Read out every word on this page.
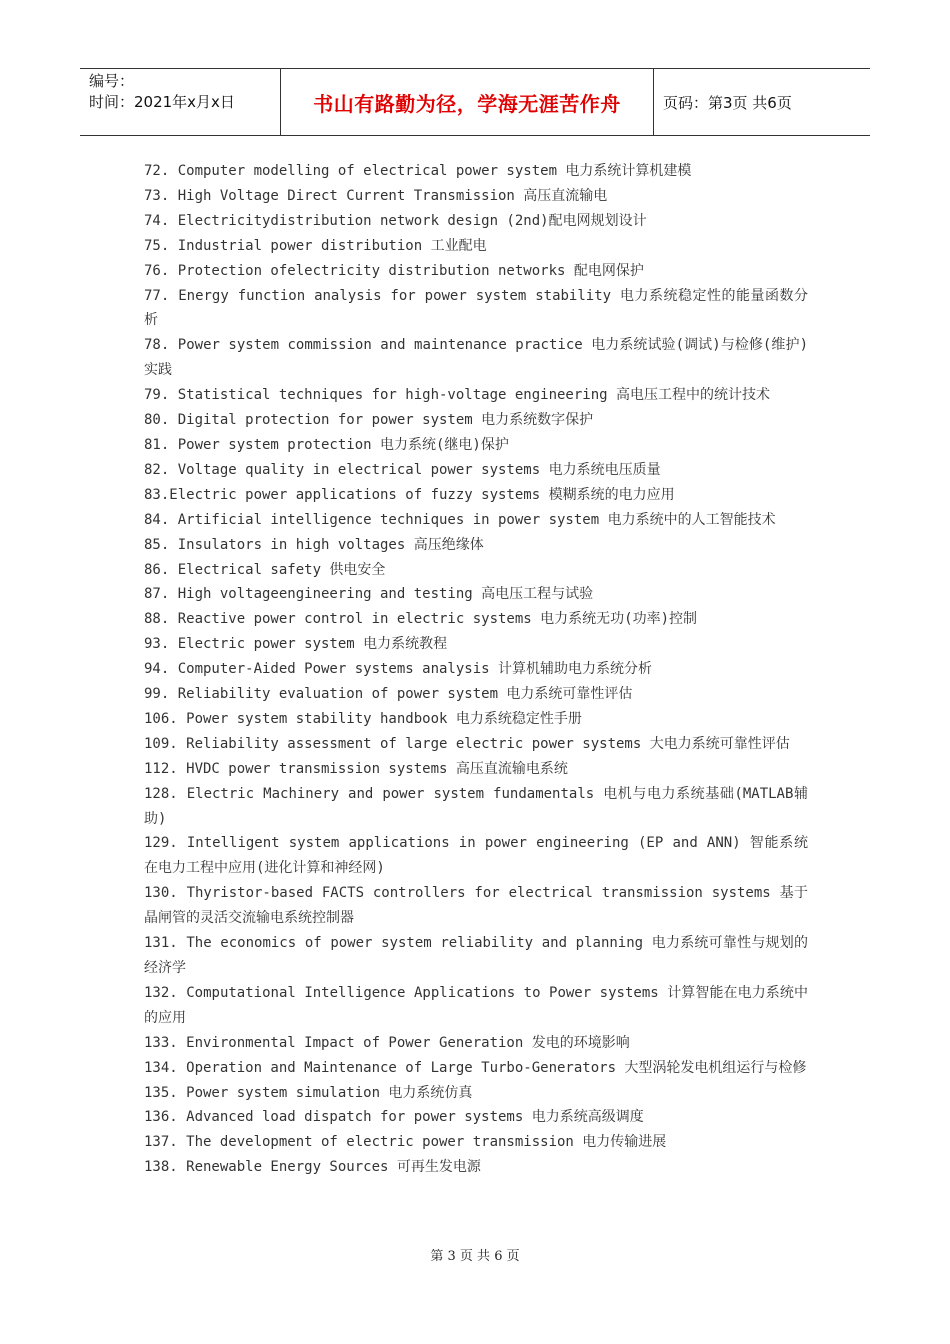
编号：
时间：2021年x月x日	书山有路勤为径，学海无涯苦作舟	页码：第3页 共6页

72. Computer modelling of electrical power system 电力系统计算机建模

73. High Voltage Direct Current Transmission 高压直流输电

74. Electricitydistribution network design (2nd)配电网规划设计

75. Industrial power distribution 工业配电

76. Protection ofelectricity distribution networks 配电网保护

77. Energy function analysis for power system stability 电力系统稳定性的能量函数分析

78. Power system commission and maintenance practice 电力系统试验(调试)与检修(维护)实践

79. Statistical techniques for high-voltage engineering 高电压工程中的统计技术

80. Digital protection for power system 电力系统数字保护

81. Power system protection 电力系统(继电)保护

82. Voltage quality in electrical power systems 电力系统电压质量

83.Electric power applications of fuzzy systems 模糊系统的电力应用

84. Artificial intelligence techniques in power system 电力系统中的人工智能技术

85. Insulators in high voltages 高压绝缘体

86. Electrical safety 供电安全

87. High voltageengineering and testing 高电压工程与试验

88. Reactive power control in electric systems 电力系统无功(功率)控制

93. Electric power system 电力系统教程

94. Computer-Aided Power systems analysis 计算机辅助电力系统分析

99. Reliability evaluation of power system 电力系统可靠性评估

106. Power system stability handbook 电力系统稳定性手册

109. Reliability assessment of large electric power systems 大电力系统可靠性评估

112. HVDC power transmission systems 高压直流输电系统

128. Electric Machinery and power system fundamentals 电机与电力系统基础(MATLAB辅助)

129. Intelligent system applications in power engineering (EP and ANN) 智能系统在电力工程中应用(进化计算和神经网)

130. Thyristor-based FACTS controllers for electrical transmission systems 基于晶闸管的灵活交流输电系统控制器

131. The economics of power system reliability and planning 电力系统可靠性与规划的经济学

132. Computational Intelligence Applications to Power systems 计算智能在电力系统中的应用

133. Environmental Impact of Power Generation 发电的环境影响

134. Operation and Maintenance of Large Turbo-Generators 大型涡轮发电机组运行与检修

135. Power system simulation 电力系统仿真

136. Advanced load dispatch for power systems 电力系统高级调度

137. The development of electric power transmission 电力传输进展

138. Renewable Energy Sources 可再生发电源

第 3 页 共 6 页
